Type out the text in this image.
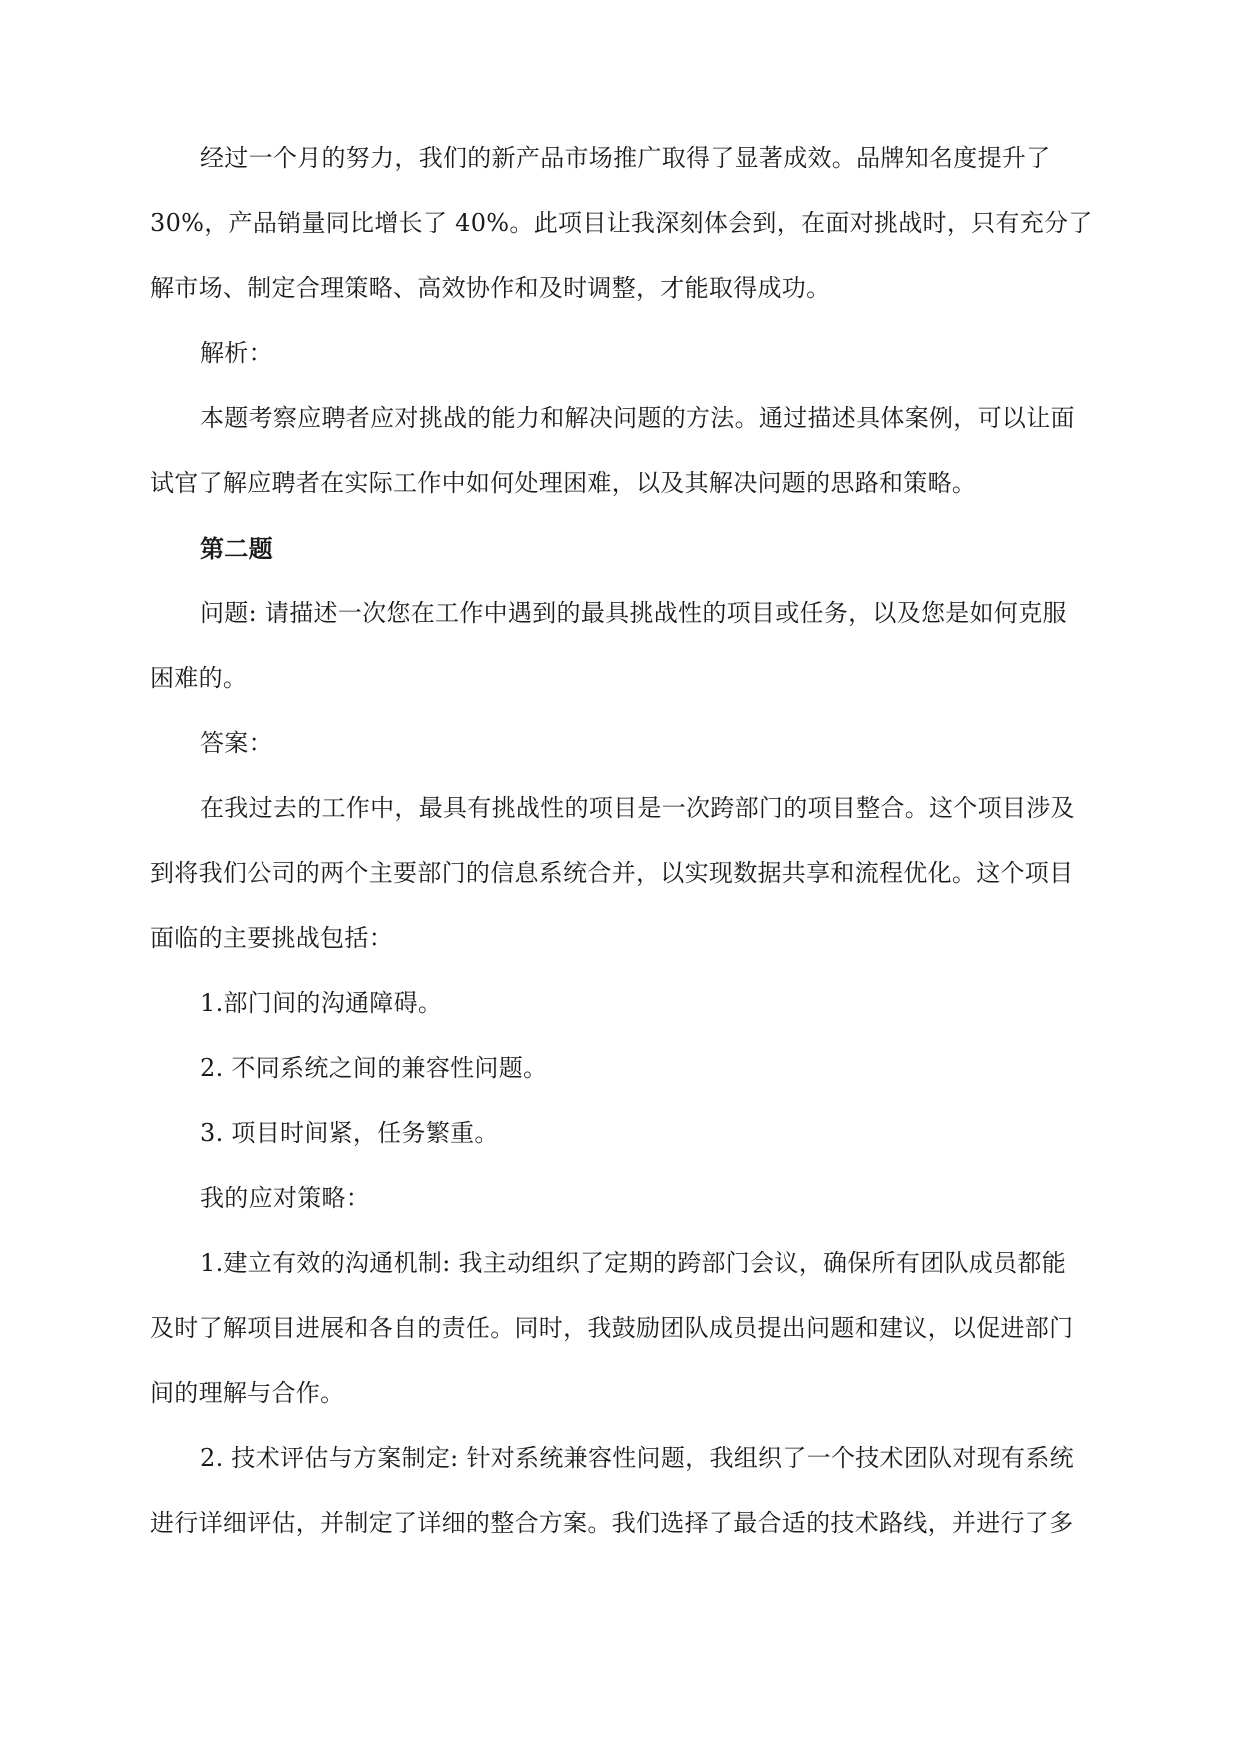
经过一个月的努力，我们的新产品市场推广取得了显著成效。品牌知名度提升了

30%，产品销量同比增长了 40%。此项目让我深刻体会到，在面对挑战时，只有充分了

解市场、制定合理策略、高效协作和及时调整，才能取得成功。

解析：

本题考察应聘者应对挑战的能力和解决问题的方法。通过描述具体案例，可以让面

试官了解应聘者在实际工作中如何处理困难，以及其解决问题的思路和策略。

第二题

问题: 请描述一次您在工作中遇到的最具挑战性的项目或任务，以及您是如何克服

困难的。

答案：

在我过去的工作中，最具有挑战性的项目是一次跨部门的项目整合。这个项目涉及

到将我们公司的两个主要部门的信息系统合并，以实现数据共享和流程优化。这个项目

面临的主要挑战包括：

1.部门间的沟通障碍。

2. 不同系统之间的兼容性问题。

3. 项目时间紧，任务繁重。

我的应对策略：

1.建立有效的沟通机制: 我主动组织了定期的跨部门会议，确保所有团队成员都能

及时了解项目进展和各自的责任。同时，我鼓励团队成员提出问题和建议，以促进部门

间的理解与合作。

2. 技术评估与方案制定: 针对系统兼容性问题，我组织了一个技术团队对现有系统

进行详细评估，并制定了详细的整合方案。我们选择了最合适的技术路线，并进行了多
